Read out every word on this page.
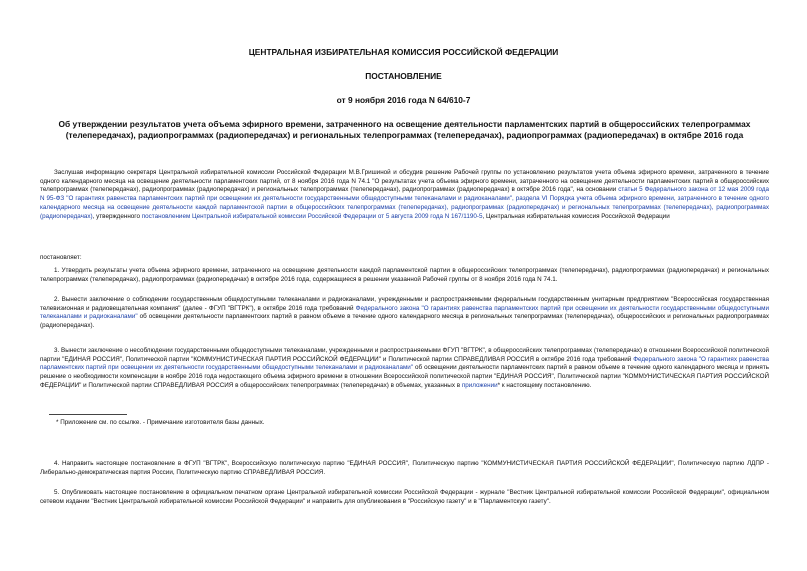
ЦЕНТРАЛЬНАЯ ИЗБИРАТЕЛЬНАЯ КОМИССИЯ РОССИЙСКОЙ ФЕДЕРАЦИИ
ПОСТАНОВЛЕНИЕ
от 9 ноября 2016 года N 64/610-7
Об утверждении результатов учета объема эфирного времени, затраченного на освещение деятельности парламентских партий в общероссийских телепрограммах (телепередачах), радиопрограммах (радиопередачах) и региональных телепрограммах (телепередачах), радиопрограммах (радиопередачах) в октябре 2016 года
Заслушав информацию секретаря Центральной избирательной комиссии Российской Федерации М.В.Гришиной и обсудив решение Рабочей группы по установлению результатов учета объема эфирного времени, затраченного в течение одного календарного месяца на освещение деятельности парламентских партий, от 8 ноября 2016 года N 74.1 "О результатах учета объема эфирного времени, затраченного на освещение деятельности парламентских партий в общероссийских телепрограммах (телепередачах), радиопрограммах (радиопередачах) и региональных телепрограммах (телепередачах), радиопрограммах (радиопередачах) в октябре 2016 года", на основании статьи 5 Федерального закона от 12 мая 2009 года N 95-ФЗ "О гарантиях равенства парламентских партий при освещении их деятельности государственными общедоступными телеканалами и радиоканалами", разделa VI Порядка учета объема эфирного времени, затраченного в течение одного календарного месяца на освещение деятельности каждой парламентской партии в общероссийских телепрограммах (телепередачах), радиопрограммах (радиопередачах) и региональных телепрограммах (телепередачах), радиопрограммах (радиопередачах), утвержденного постановлением Центральной избирательной комиссии Российской Федерации от 5 августа 2009 года N 167/1190-5, Центральная избирательная комиссия Российской Федерации
постановляет:
1. Утвердить результаты учета объема эфирного времени, затраченного на освещение деятельности каждой парламентской партии в общероссийских телепрограммах (телепередачах), радиопрограммах (радиопередачах) и региональных телепрограммах (телепередачах), радиопрограммах (радиопередачах) в октябре 2016 года, содержащиеся в решении указанной Рабочей группы от 8 ноября 2016 года N 74.1.
2. Вынести заключение о соблюдении государственным общедоступными телеканалами и радиоканалами, учрежденными и распространяемыми федеральным государственным унитарным предприятием "Всероссийская государственная телевизионная и радиовещательная компания" (далее - ФГУП "ВГТРК"), в октябре 2016 года требований Федерального закона "О гарантиях равенства парламентских партий при освещении их деятельности государственными общедоступными телеканалами и радиоканалами" об освещении деятельности парламентских партий в равном объеме в течение одного календарного месяца в региональных телепрограммах (телепередачах), общероссийских и региональных радиопрограммах (радиопередачах).
3. Вынести заключение о несоблюдении государственными общедоступными телеканалами, учрежденными и распространяемыми ФГУП "ВГТРК", в общероссийских телепрограммах (телепередачах) в отношении Всероссийской политической партии "ЕДИНАЯ РОССИЯ", Политической партии "КОММУНИСТИЧЕСКАЯ ПАРТИЯ РОССИЙСКОЙ ФЕДЕРАЦИИ" и Политической партии СПРАВЕДЛИВАЯ РОССИЯ в октябре 2016 года требований Федерального закона "О гарантиях равенства парламентских партий при освещении их деятельности государственными общедоступными телеканалами и радиоканалами" об освещении деятельности парламентских партий в равном объеме в течение одного календарного месяца и принять решение о необходимости компенсации в ноябре 2016 года недостающего объема эфирного времени в отношении Всероссийской политической партии "ЕДИНАЯ РОССИЯ", Политической партии "КОММУНИСТИЧЕСКАЯ ПАРТИЯ РОССИЙСКОЙ ФЕДЕРАЦИИ" и Политической партии СПРАВЕДЛИВАЯ РОССИЯ в общероссийских телепрограммах (телепередачах) в объемах, указанных в приложении* к настоящему постановлению.
* Приложение см. по ссылке. - Примечание изготовителя базы данных.
4. Направить настоящее постановление в ФГУП "ВГТРК", Всероссийскую политическую партию "ЕДИНАЯ РОССИЯ", Политическую партию "КОММУНИСТИЧЕСКАЯ ПАРТИЯ РОССИЙСКОЙ ФЕДЕРАЦИИ", Политическую партию ЛДПР - Либерально-демократическая партия России, Политическую партию СПРАВЕДЛИВАЯ РОССИЯ.
5. Опубликовать настоящее постановление в официальном печатном органе Центральной избирательной комиссии Российской Федерации - журнале "Вестник Центральной избирательной комиссии Российской Федерации", официальном сетевом издании "Вестник Центральной избирательной комиссии Российской Федерации" и направить для опубликования в "Российскую газету" и в "Парламентскую газету".
